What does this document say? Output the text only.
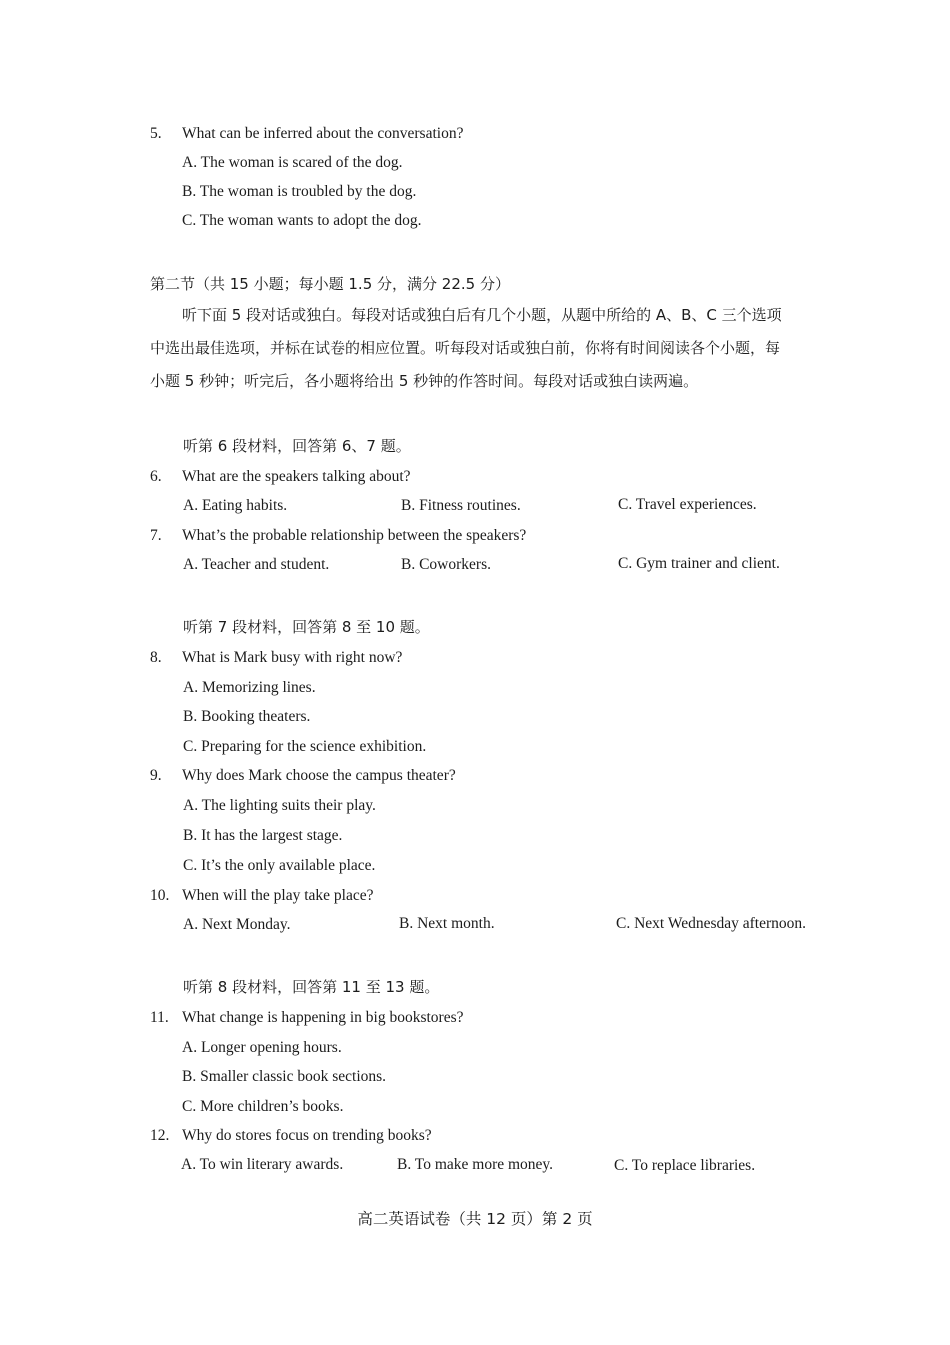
5. What can be inferred about the conversation?
A. The woman is scared of the dog.
B. The woman is troubled by the dog.
C. The woman wants to adopt the dog.
第二节（共 15 小题；每小题 1.5 分，满分 22.5 分）

听下面 5 段对话或独白。每段对话或独白后有几个小题，从题中所给的 A、B、C 三个选项

中选出最佳选项，并标在试卷的相应位置。听每段对话或独白前，你将有时间阅读各个小题，每

小题 5 秒钟；听完后，各小题将给出 5 秒钟的作答时间。每段对话或独白读两遍。

听第 6 段材料，回答第 6、7 题。
6. What are the speakers talking about?
A. Eating habits.	B. Fitness routines.	C. Travel experiences.
7. What’s the probable relationship between the speakers?
A. Teacher and student.	B. Coworkers.	C. Gym trainer and client.
听第 7 段材料，回答第 8 至 10 题。
8. What is Mark busy with right now?
A. Memorizing lines.
B. Booking theaters.
C. Preparing for the science exhibition.
9. Why does Mark choose the campus theater?
A. The lighting suits their play.
B. It has the largest stage.
C. It’s the only available place.
10. When will the play take place?
A. Next Monday.	B. Next month.	C. Next Wednesday afternoon.
听第 8 段材料，回答第 11 至 13 题。
11. What change is happening in big bookstores?
A. Longer opening hours.
B. Smaller classic book sections.
C. More children’s books.
12. Why do stores focus on trending books?
A. To win literary awards.	B. To make more money.	C. To replace libraries.
高二英语试卷（共 12 页）第 2 页
